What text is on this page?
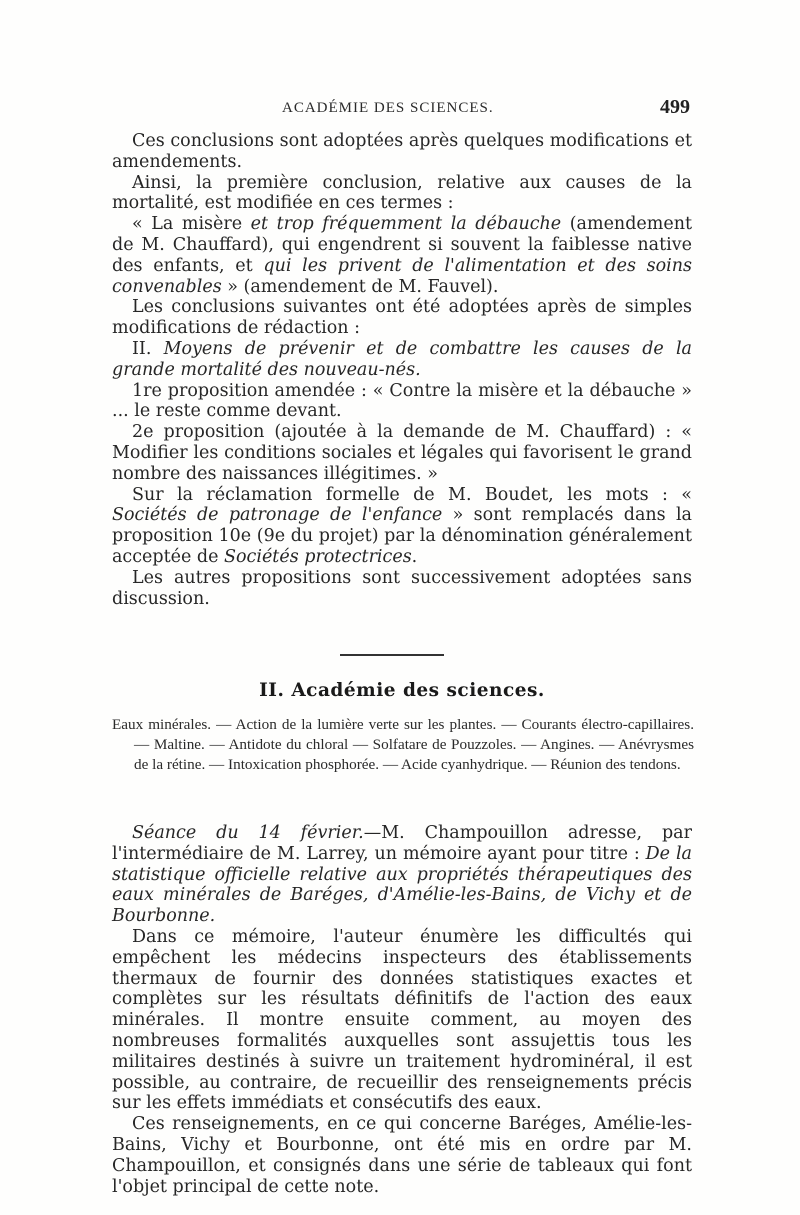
ACADÉMIE DES SCIENCES.	499

Ces conclusions sont adoptées après quelques modifications et amendements.

Ainsi, la première conclusion, relative aux causes de la mortalité, est modifiée en ces termes :

« La misère et trop fréquemment la débauche (amendement de M. Chauffard), qui engendrent si souvent la faiblesse native des enfants, et qui les privent de l'alimentation et des soins convenables » (amendement de M. Fauvel).

Les conclusions suivantes ont été adoptées après de simples modifications de rédaction :

II. Moyens de prévenir et de combattre les causes de la grande mortalité des nouveau-nés.

1re proposition amendée : « Contre la misère et la débauche » ... le reste comme devant.

2e proposition (ajoutée à la demande de M. Chauffard) : « Modifier les conditions sociales et légales qui favorisent le grand nombre des naissances illégitimes. »

Sur la réclamation formelle de M. Boudet, les mots : « Sociétés de patronage de l'enfance » sont remplacés dans la proposition 10e (9e du projet) par la dénomination généralement acceptée de Sociétés protectrices.

Les autres propositions sont successivement adoptées sans discussion.

II. Académie des sciences.

Eaux minérales. — Action de la lumière verte sur les plantes. — Courants électro-capillaires. — Maltine. — Antidote du chloral — Solfatare de Pouzzoles. — Angines. — Anévrysmes de la rétine. — Intoxication phosphorée. — Acide cyanhydrique. — Réunion des tendons.

Séance du 14 février.—M. Champouillon adresse, par l'intermédiaire de M. Larrey, un mémoire ayant pour titre : De la statistique officielle relative aux propriétés thérapeutiques des eaux minérales de Baréges, d'Amélie-les-Bains, de Vichy et de Bourbonne.

Dans ce mémoire, l'auteur énumère les difficultés qui empêchent les médecins inspecteurs des établissements thermaux de fournir des données statistiques exactes et complètes sur les résultats définitifs de l'action des eaux minérales. Il montre ensuite comment, au moyen des nombreuses formalités auxquelles sont assujettis tous les militaires destinés à suivre un traitement hydrominéral, il est possible, au contraire, de recueillir des renseignements précis sur les effets immédiats et consécutifs des eaux.

Ces renseignements, en ce qui concerne Baréges, Amélie-les-Bains, Vichy et Bourbonne, ont été mis en ordre par M. Champouillon, et consignés dans une série de tableaux qui font l'objet principal de cette note.
